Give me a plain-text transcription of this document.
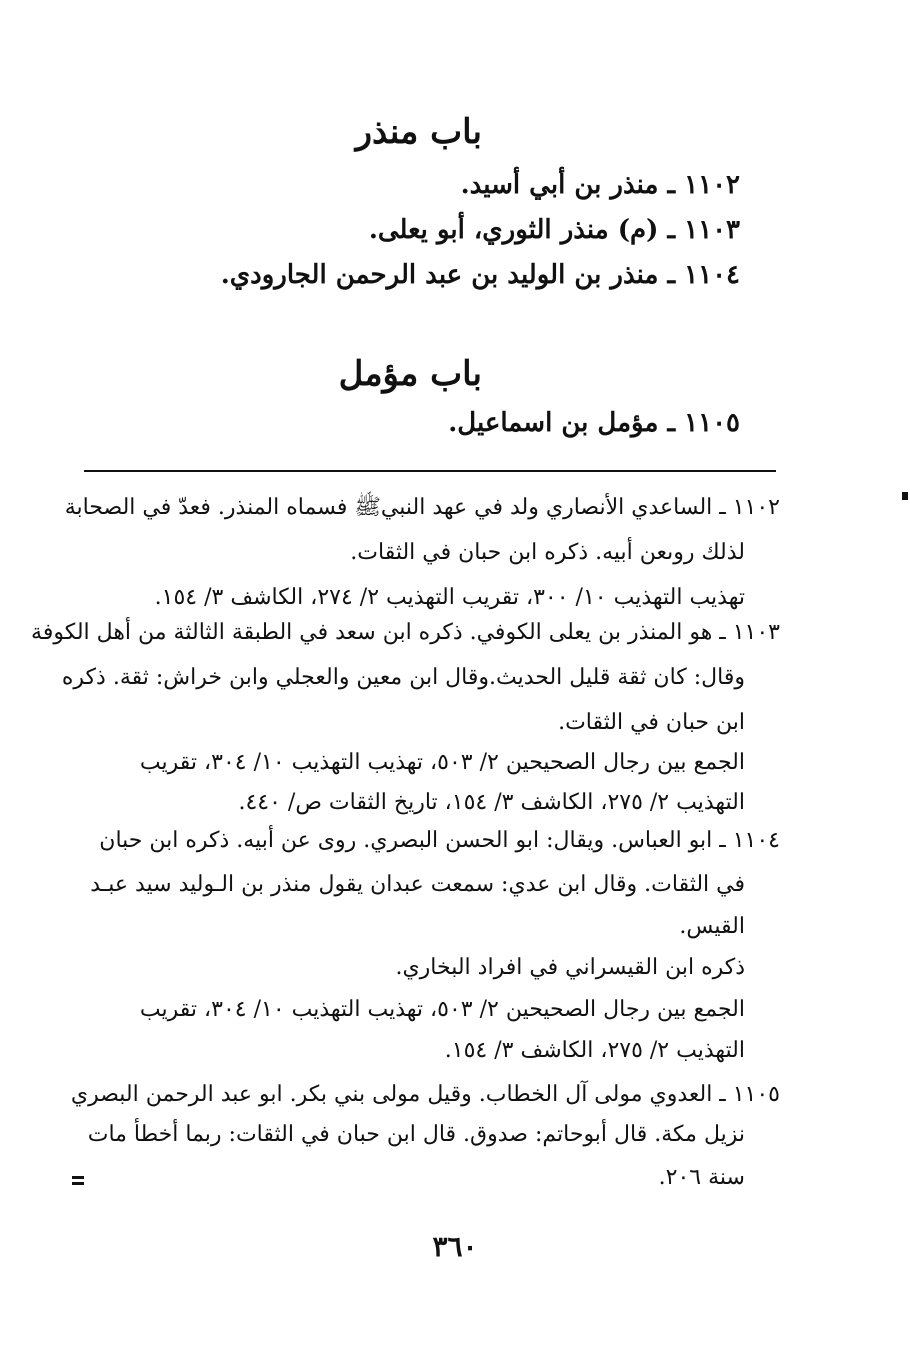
باب منذر
١١٠٢ ـ منذر بن أبي أسيد.
١١٠٣ ـ (م) منذر الثوري، أبو يعلى.
١١٠٤ ـ منذر بن الوليد بن عبد الرحمن الجارودي.
باب مؤمل
١١٠٥ ـ مؤمل بن اسماعيل.
١١٠٢ ـ الساعدي الأنصاري ولد في عهد النبيﷺ فسماه المنذر. فعدّ في الصحابة
لذلك روىعن أبيه. ذكره ابن حبان في الثقات.
تهذيب التهذيب ١٠/ ٣٠٠، تقريب التهذيب ٢/ ٢٧٤، الكاشف ٣/ ١٥٤.
١١٠٣ ـ هو المنذر بن يعلى الكوفي. ذكره ابن سعد في الطبقة الثالثة من أهل الكوفة
وقال: كان ثقة قليل الحديث.وقال ابن معين والعجلي وابن خراش: ثقة. ذكره
ابن حبان في الثقات.
الجمع بين رجال الصحيحين ٢/ ٥٠٣، تهذيب التهذيب ١٠/ ٣٠٤، تقريب
التهذيب ٢/ ٢٧٥، الكاشف ٣/ ١٥٤، تاريخ الثقات ص/ ٤٤٠.
١١٠٤ ـ ابو العباس. ويقال: ابو الحسن البصري. روى عن أبيه. ذكره ابن حبان
في الثقات. وقال ابن عدي: سمعت عبدان يقول منذر بن الـوليد سيد عبـد
القيس.
ذكره ابن القيسراني في افراد البخاري.
الجمع بين رجال الصحيحين ٢/ ٥٠٣، تهذيب التهذيب ١٠/ ٣٠٤، تقريب
التهذيب ٢/ ٢٧٥، الكاشف ٣/ ١٥٤.
١١٠٥ ـ العدوي مولى آل الخطاب. وقيل مولى بني بكر. ابو عبد الرحمن البصري
نزيل مكة. قال أبوحاتم: صدوق. قال ابن حبان في الثقات: ربما أخطأ مات
سنة ٢٠٦.
٣٦٠
